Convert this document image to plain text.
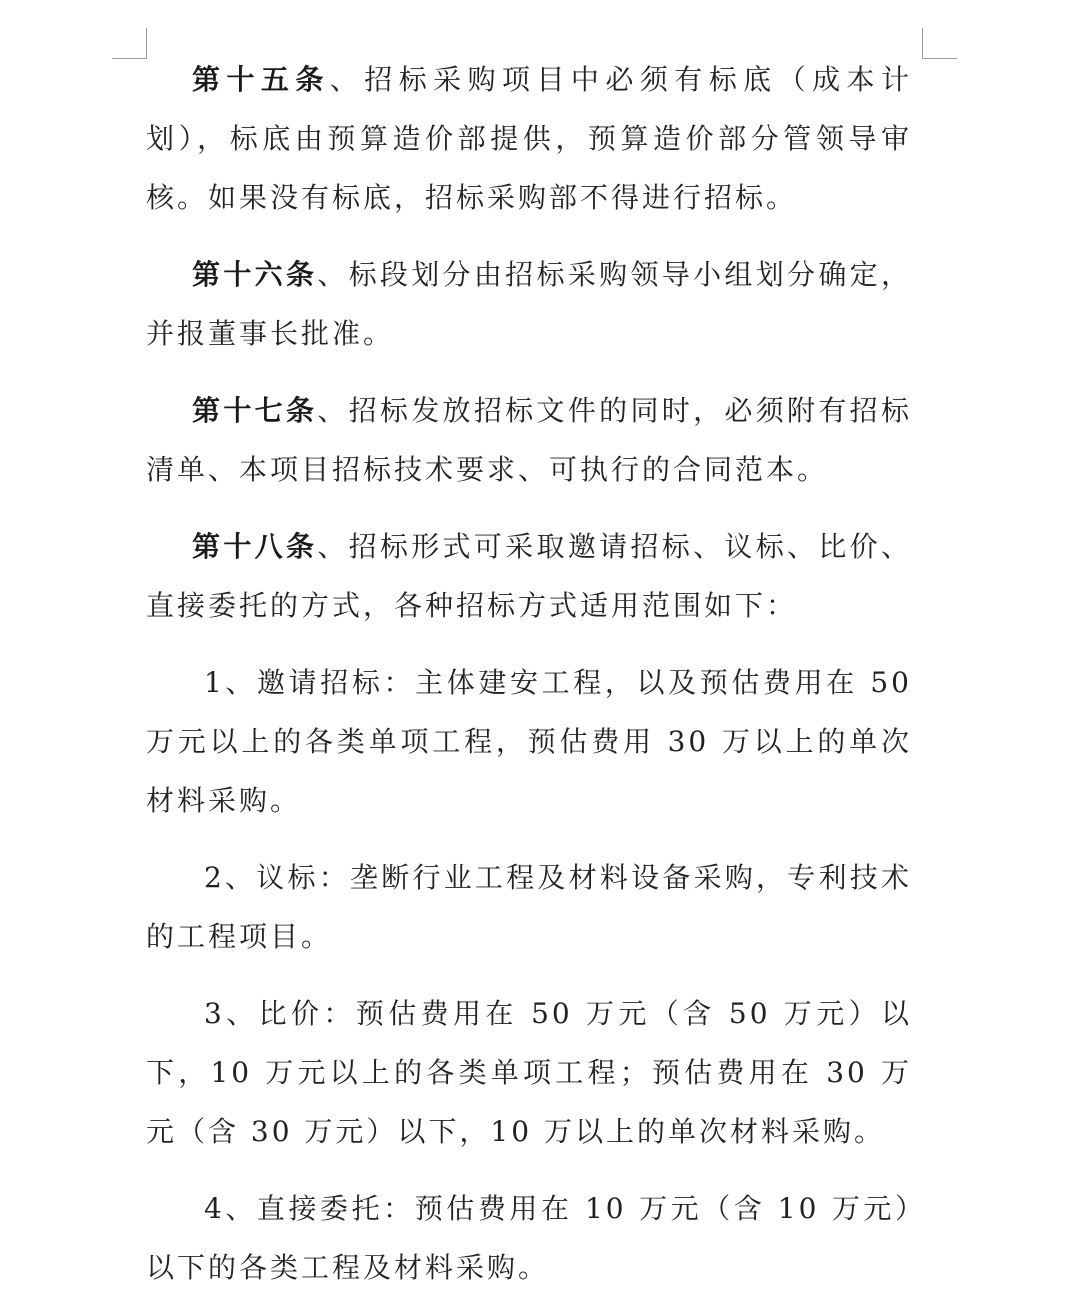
第十五条、招标采购项目中必须有标底（成本计划），标底由预算造价部提供，预算造价部分管领导审核。如果没有标底，招标采购部不得进行招标。

第十六条、标段划分由招标采购领导小组划分确定，并报董事长批准。

第十七条、招标发放招标文件的同时，必须附有招标清单、本项目招标技术要求、可执行的合同范本。

第十八条、招标形式可采取邀请招标、议标、比价、直接委托的方式，各种招标方式适用范围如下：

1、邀请招标：主体建安工程，以及预估费用在 50 万元以上的各类单项工程，预估费用 30 万以上的单次材料采购。

2、议标：垄断行业工程及材料设备采购，专利技术的工程项目。

3、比价：预估费用在 50 万元（含 50 万元）以下，10 万元以上的各类单项工程；预估费用在 30 万元（含 30 万元）以下，10 万以上的单次材料采购。

4、直接委托：预估费用在 10 万元（含 10 万元）以下的各类工程及材料采购。
